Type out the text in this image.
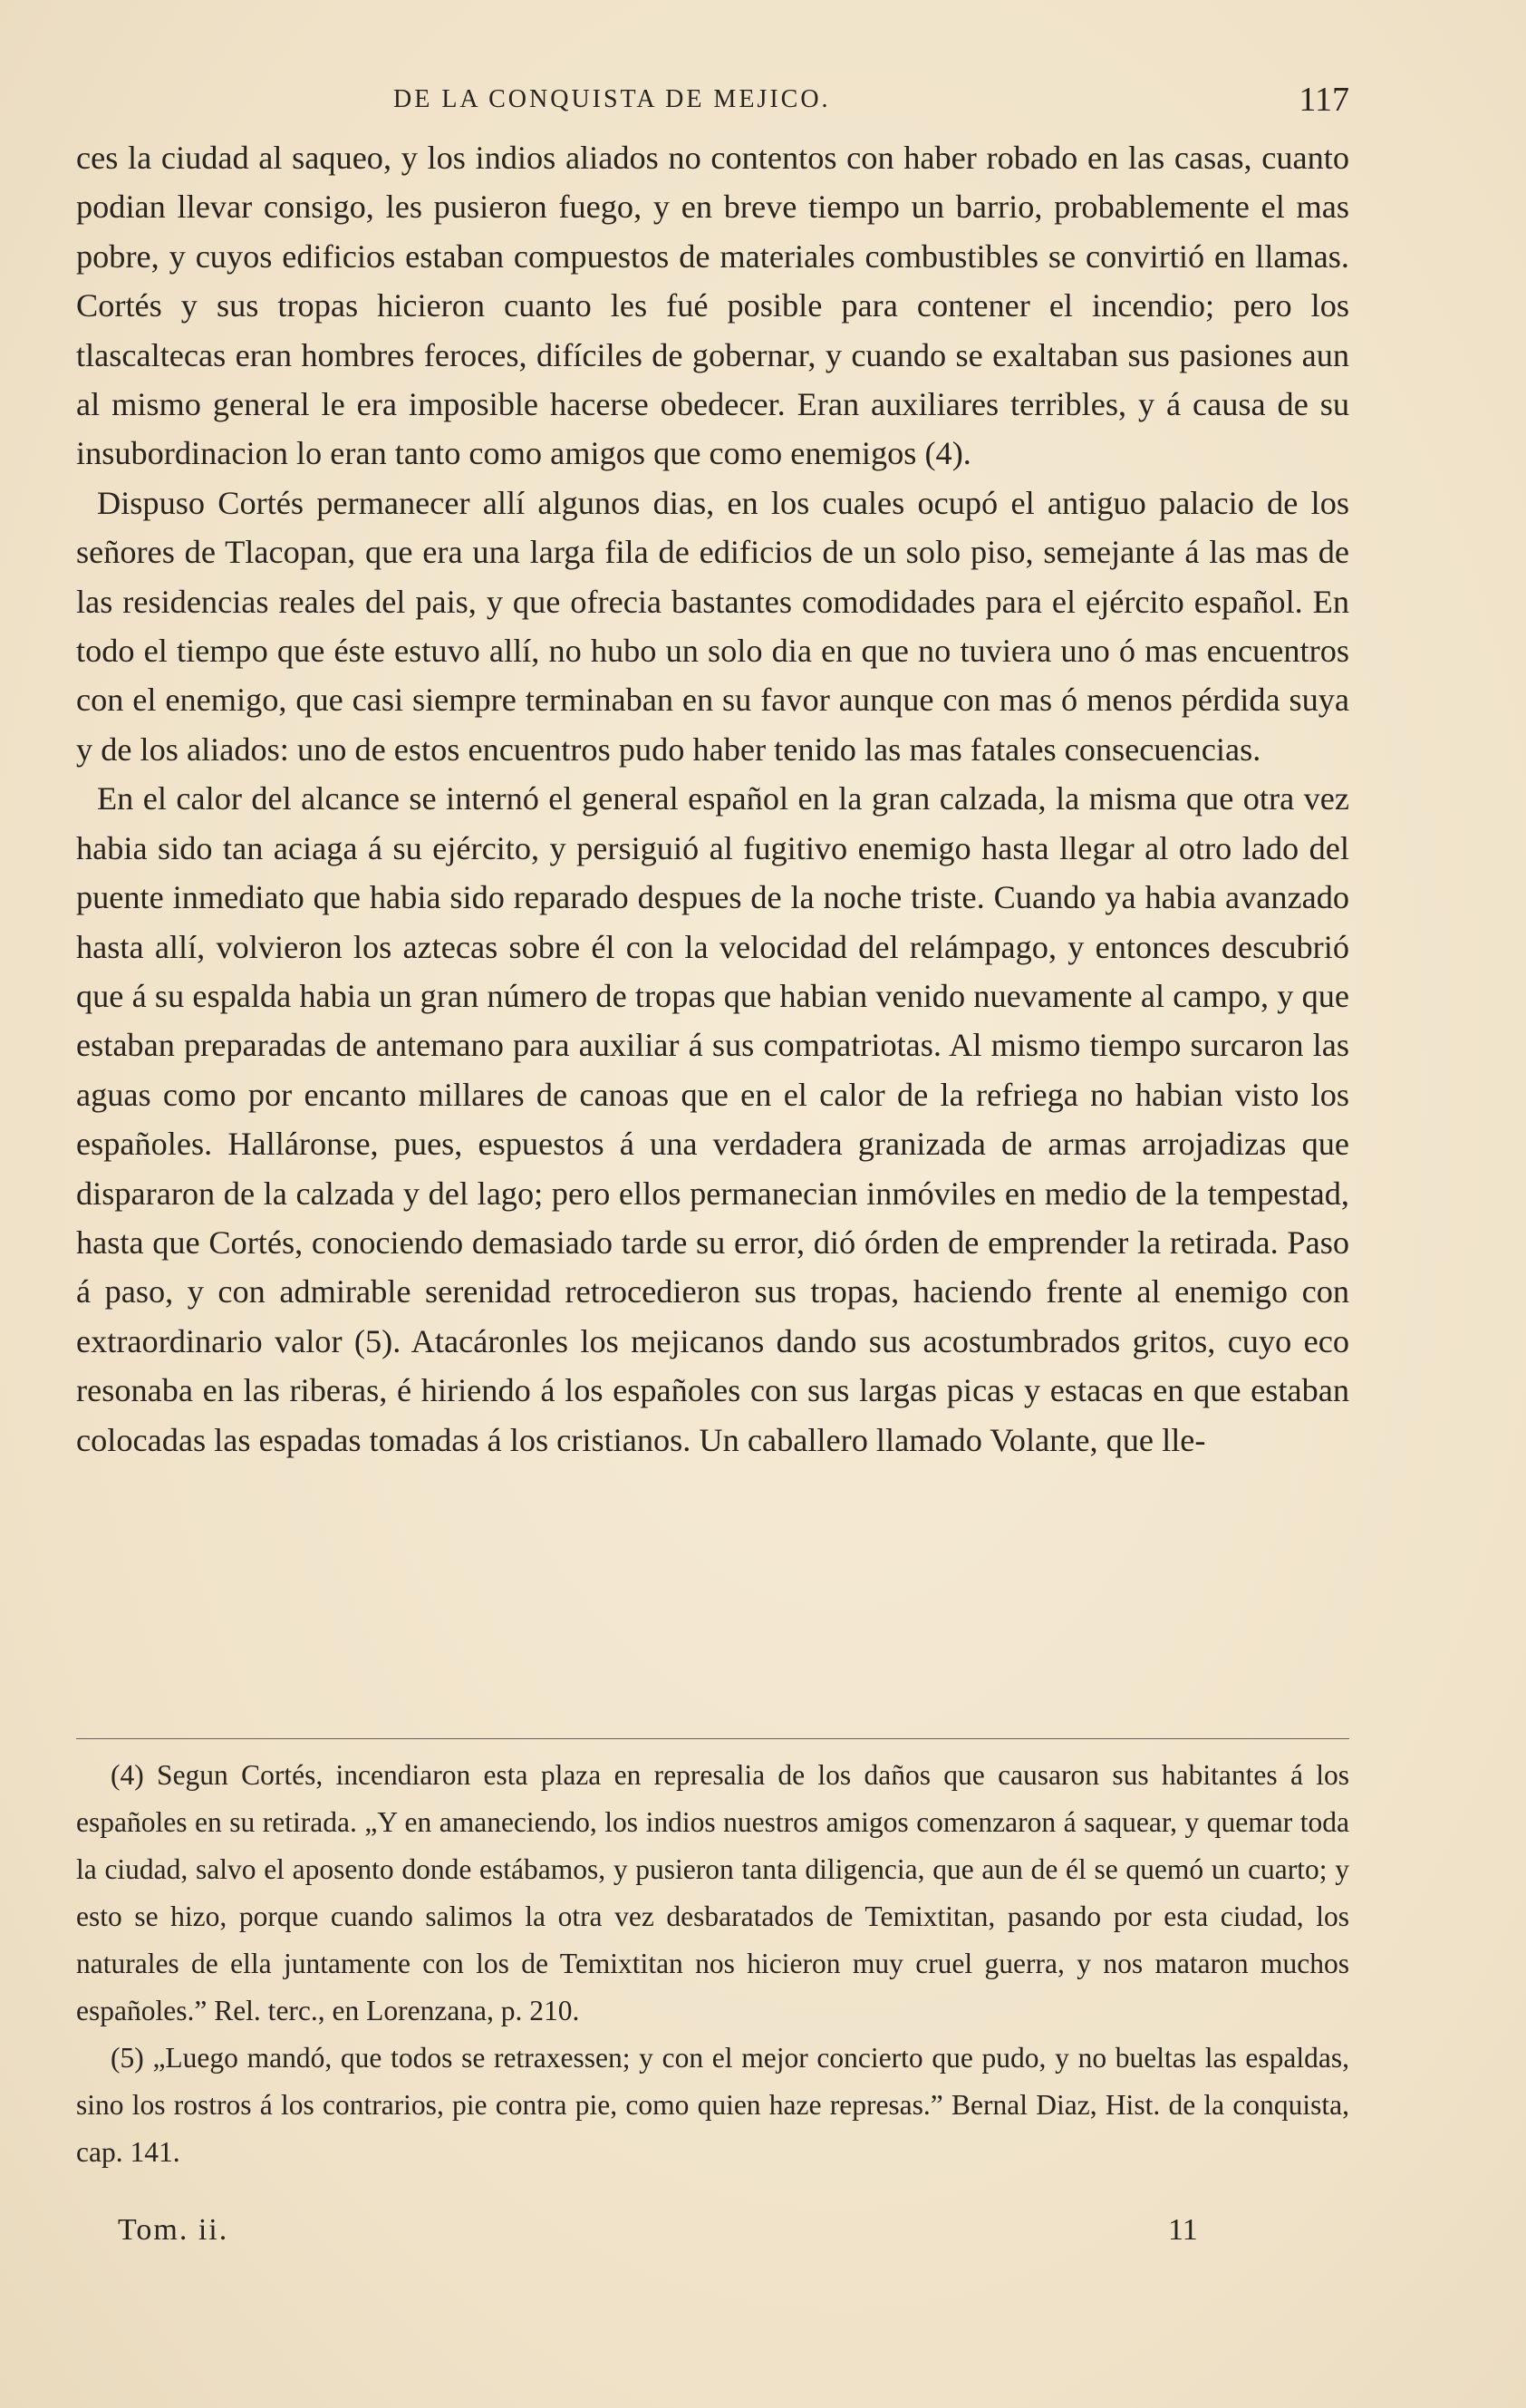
DE LA CONQUISTA DE MEJICO.	117

ces la ciudad al saqueo, y los indios aliados no contentos con haber robado en las casas, cuanto podian llevar consigo, les pusieron fuego, y en breve tiempo un barrio, probablemente el mas pobre, y cuyos edificios estaban compuestos de materiales combustibles se convirtió en llamas. Cortés y sus tropas hicieron cuanto les fué posible para contener el incendio; pero los tlascaltecas eran hombres feroces, difíciles de gobernar, y cuando se exaltaban sus pasiones aun al mismo general le era imposible hacerse obedecer. Eran auxiliares terribles, y á causa de su insubordinacion lo eran tanto como amigos que como enemigos (4).

Dispuso Cortés permanecer allí algunos dias, en los cuales ocupó el antiguo palacio de los señores de Tlacopan, que era una larga fila de edificios de un solo piso, semejante á las mas de las residencias reales del pais, y que ofrecia bastantes comodidades para el ejército español. En todo el tiempo que éste estuvo allí, no hubo un solo dia en que no tuviera uno ó mas encuentros con el enemigo, que casi siempre terminaban en su favor aunque con mas ó menos pérdida suya y de los aliados: uno de estos encuentros pudo haber tenido las mas fatales consecuencias.

En el calor del alcance se internó el general español en la gran calzada, la misma que otra vez habia sido tan aciaga á su ejército, y persiguió al fugitivo enemigo hasta llegar al otro lado del puente inmediato que habia sido reparado despues de la noche triste. Cuando ya habia avanzado hasta allí, volvieron los aztecas sobre él con la velocidad del relámpago, y entonces descubrió que á su espalda habia un gran número de tropas que habian venido nuevamente al campo, y que estaban preparadas de antemano para auxiliar á sus compatriotas. Al mismo tiempo surcaron las aguas como por encanto millares de canoas que en el calor de la refriega no habian visto los españoles. Halláronse, pues, espuestos á una verdadera granizada de armas arrojadizas que dispararon de la calzada y del lago; pero ellos permanecian inmóviles en medio de la tempestad, hasta que Cortés, conociendo demasiado tarde su error, dió órden de emprender la retirada. Paso á paso, y con admirable serenidad retrocedieron sus tropas, haciendo frente al enemigo con extraordinario valor (5). Atacáronles los mejicanos dando sus acostumbrados gritos, cuyo eco resonaba en las riberas, é hiriendo á los españoles con sus largas picas y estacas en que estaban colocadas las espadas tomadas á los cristianos. Un caballero llamado Volante, que lle-

(4) Segun Cortés, incendiaron esta plaza en represalia de los daños que causaron sus habitantes á los españoles en su retirada. „Y en amaneciendo, los indios nuestros amigos comenzaron á saquear, y quemar toda la ciudad, salvo el aposento donde estábamos, y pusieron tanta diligencia, que aun de él se quemó un cuarto; y esto se hizo, porque cuando salimos la otra vez desbaratados de Temixtitan, pasando por esta ciudad, los naturales de ella juntamente con los de Temixtitan nos hicieron muy cruel guerra, y nos mataron muchos españoles.” Rel. terc., en Lorenzana, p. 210.

(5) „Luego mandó, que todos se retraxessen; y con el mejor concierto que pudo, y no bueltas las espaldas, sino los rostros á los contrarios, pie contra pie, como quien haze represas.” Bernal Diaz, Hist. de la conquista, cap. 141.

Tom. ii.	11
